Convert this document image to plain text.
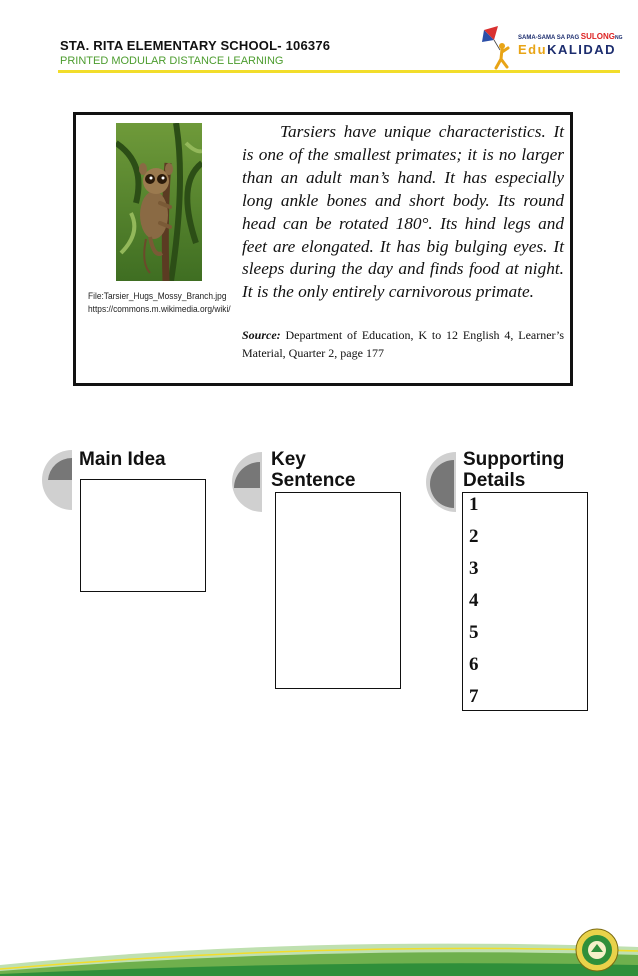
STA. RITA ELEMENTARY SCHOOL- 106376
PRINTED MODULAR DISTANCE LEARNING
SAMA-SAMA SA PAG SULONGNG
EduKALIDAD
File:Tarsier_Hugs_Mossy_Branch.jpg
https://commons.m.wikimedia.org/wiki/
Tarsiers have unique characteristics. It is one of the smallest primates; it is no larger than an adult man’s hand. It has especially long ankle bones and short body. Its round head can be rotated 180°. Its hind legs and feet are elongated. It has big bulging eyes. It sleeps during the day and finds food at night. It is the only entirely carnivorous primate.
Source: Department of Education, K to 12 English 4, Learner’s Material, Quarter 2, page 177
Main Idea	Key
Sentence
Supporting
Details
1
2
3
4
5
6
7
